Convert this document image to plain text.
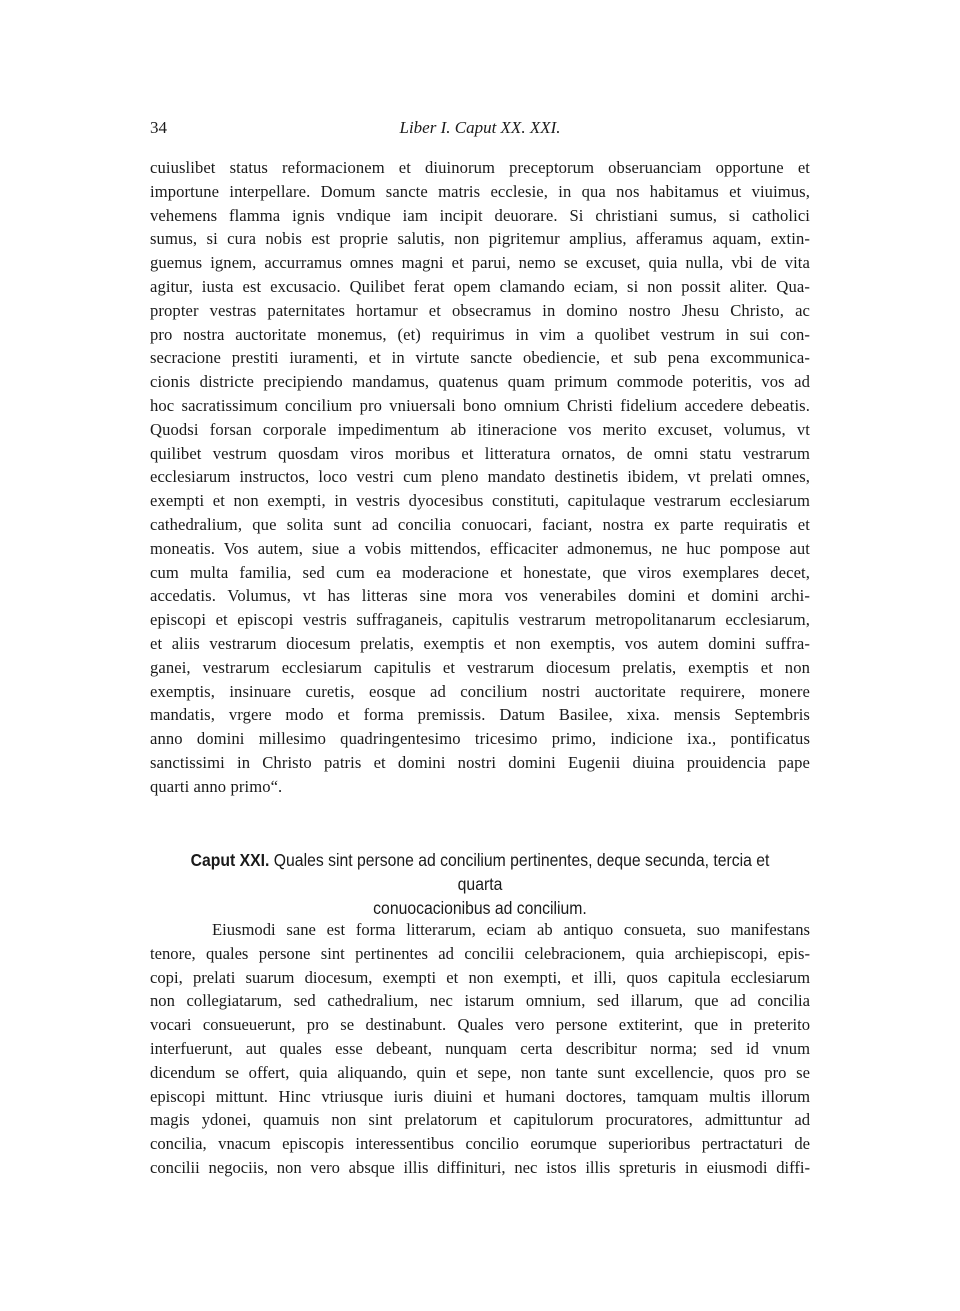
34	Liber I. Caput XX. XXI.
cuiuslibet status reformacionem et diuinorum preceptorum obseruanciam opportune et
importune interpellare. Domum sancte matris ecclesie, in qua nos habitamus et viuimus,
vehemens flamma ignis vndique iam incipit deuorare. Si christiani sumus, si catholici
sumus, si cura nobis est proprie salutis, non pigritemur amplius, afferamus aquam, extin-
guemus ignem, accurramus omnes magni et parui, nemo se excuset, quia nulla, vbi de vita
agitur, iusta est excusacio. Quilibet ferat opem clamando eciam, si non possit aliter. Qua-
propter vestras paternitates hortamur et obsecramus in domino nostro Jhesu Christo, ac
pro nostra auctoritate monemus, (et) requirimus in vim a quolibet vestrum in sui con-
secracione prestiti iuramenti, et in virtute sancte obediencie, et sub pena excommunica-
cionis districte precipiendo mandamus, quatenus quam primum commode poteritis, vos ad
hoc sacratissimum concilium pro vniuersali bono omnium Christi fidelium accedere debeatis.
Quodsi forsan corporale impedimentum ab itineracione vos merito excuset, volumus, vt
quilibet vestrum quosdam viros moribus et litteratura ornatos, de omni statu vestrarum
ecclesiarum instructos, loco vestri cum pleno mandato destinetis ibidem, vt prelati omnes,
exempti et non exempti, in vestris dyocesibus constituti, capitulaque vestrarum ecclesiarum
cathedralium, que solita sunt ad concilia conuocari, faciant, nostra ex parte requiratis et
moneatis. Vos autem, siue a vobis mittendos, efficaciter admonemus, ne huc pompose aut
cum multa familia, sed cum ea moderacione et honestate, que viros exemplares decet,
accedatis. Volumus, vt has litteras sine mora vos venerabiles domini et domini archi-
episcopi et episcopi vestris suffraganeis, capitulis vestrarum metropolitanarum ecclesiarum,
et aliis vestrarum diocesum prelatis, exemptis et non exemptis, vos autem domini suffra-
ganei, vestrarum ecclesiarum capitulis et vestrarum diocesum prelatis, exemptis et non
exemptis, insinuare curetis, eosque ad concilium nostri auctoritate requirere, monere
mandatis, vrgere modo et forma premissis. Datum Basilee, xixa. mensis Septembris
anno domini millesimo quadringentesimo tricesimo primo, indicione ixa., pontificatus
sanctissimi in Christo patris et domini nostri domini Eugenii diuina prouidencia pape
quarti anno primo“.
Caput XXI. Quales sint persone ad concilium pertinentes, deque secunda, tercia et quarta
conuocacionibus ad concilium.
Eiusmodi sane est forma litterarum, eciam ab antiquo consueta, suo manifestans
tenore, quales persone sint pertinentes ad concilii celebracionem, quia archiepiscopi, epis-
copi, prelati suarum diocesum, exempti et non exempti, et illi, quos capitula ecclesiarum
non collegiatarum, sed cathedralium, nec istarum omnium, sed illarum, que ad concilia
vocari consueuerunt, pro se destinabunt. Quales vero persone extiterint, que in preterito
interfuerunt, aut quales esse debeant, nunquam certa describitur norma; sed id vnum
dicendum se offert, quia aliquando, quin et sepe, non tante sunt excellencie, quos pro se
episcopi mittunt. Hinc vtriusque iuris diuini et humani doctores, tamquam multis illorum
magis ydonei, quamuis non sint prelatorum et capitulorum procuratores, admittuntur ad
concilia, vnacum episcopis interessentibus concilio eorumque superioribus pertractaturi de
concilii negociis, non vero absque illis diffinituri, nec istos illis spreturis in eiusmodi diffi-
